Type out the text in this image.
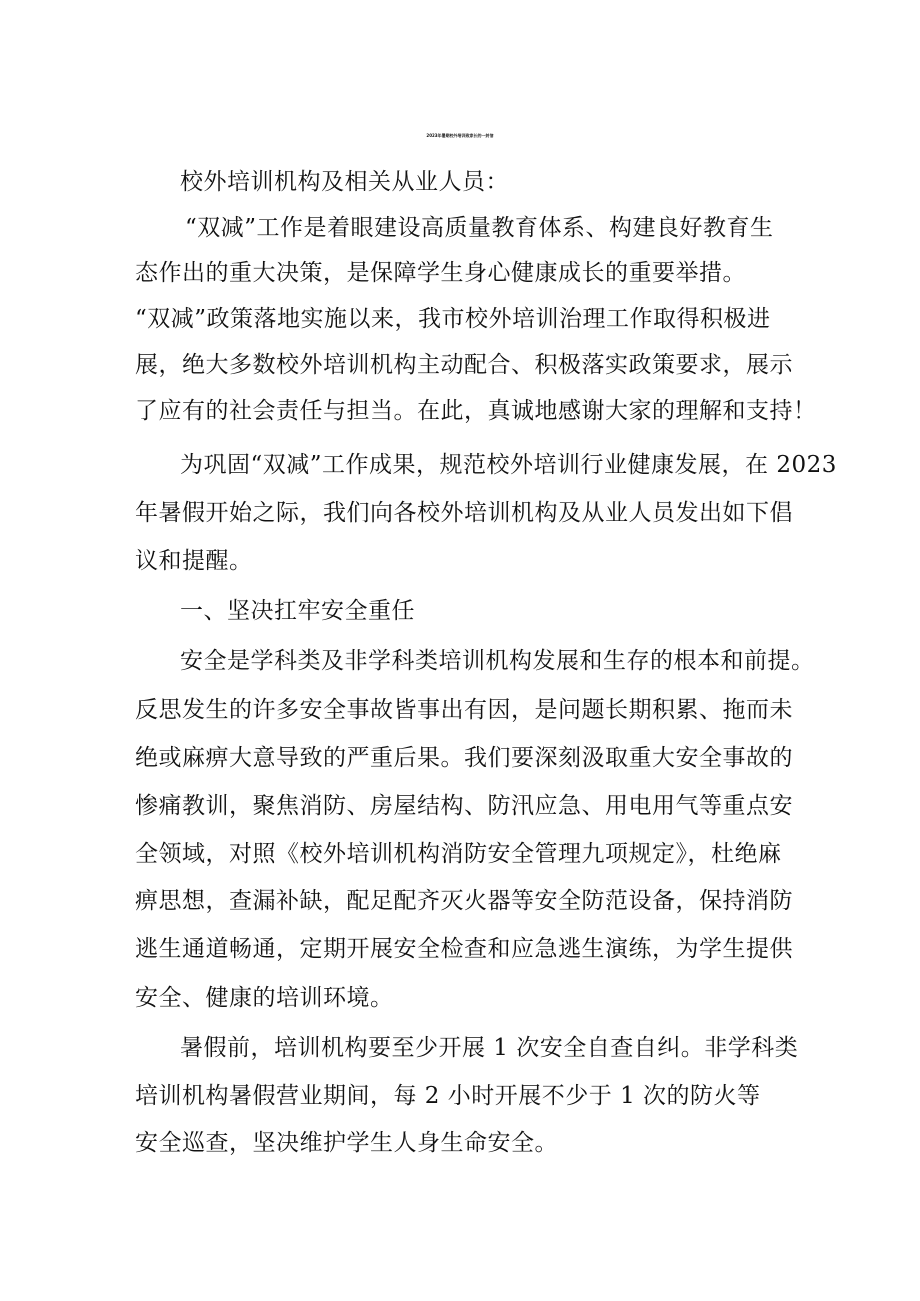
2023年暑期校外培训致家长的一封信
校外培训机构及相关从业人员：
“双减”工作是着眼建设高质量教育体系、构建良好教育生
态作出的重大决策，是保障学生身心健康成长的重要举措。
“双减”政策落地实施以来，我市校外培训治理工作取得积极进
展，绝大多数校外培训机构主动配合、积极落实政策要求，展示
了应有的社会责任与担当。在此，真诚地感谢大家的理解和支持！
为巩固“双减”工作成果，规范校外培训行业健康发展，在 2023
年暑假开始之际，我们向各校外培训机构及从业人员发出如下倡
议和提醒。
一、坚决扛牢安全重任
安全是学科类及非学科类培训机构发展和生存的根本和前提。
反思发生的许多安全事故皆事出有因，是问题长期积累、拖而未
绝或麻痹大意导致的严重后果。我们要深刻汲取重大安全事故的
惨痛教训，聚焦消防、房屋结构、防汛应急、用电用气等重点安
全领域，对照《校外培训机构消防安全管理九项规定》，杜绝麻
痹思想，查漏补缺，配足配齐灭火器等安全防范设备，保持消防
逃生通道畅通，定期开展安全检查和应急逃生演练，为学生提供
安全、健康的培训环境。
暑假前，培训机构要至少开展 1 次安全自查自纠。非学科类
培训机构暑假营业期间，每 2 小时开展不少于 1 次的防火等
安全巡查，坚决维护学生人身生命安全。
